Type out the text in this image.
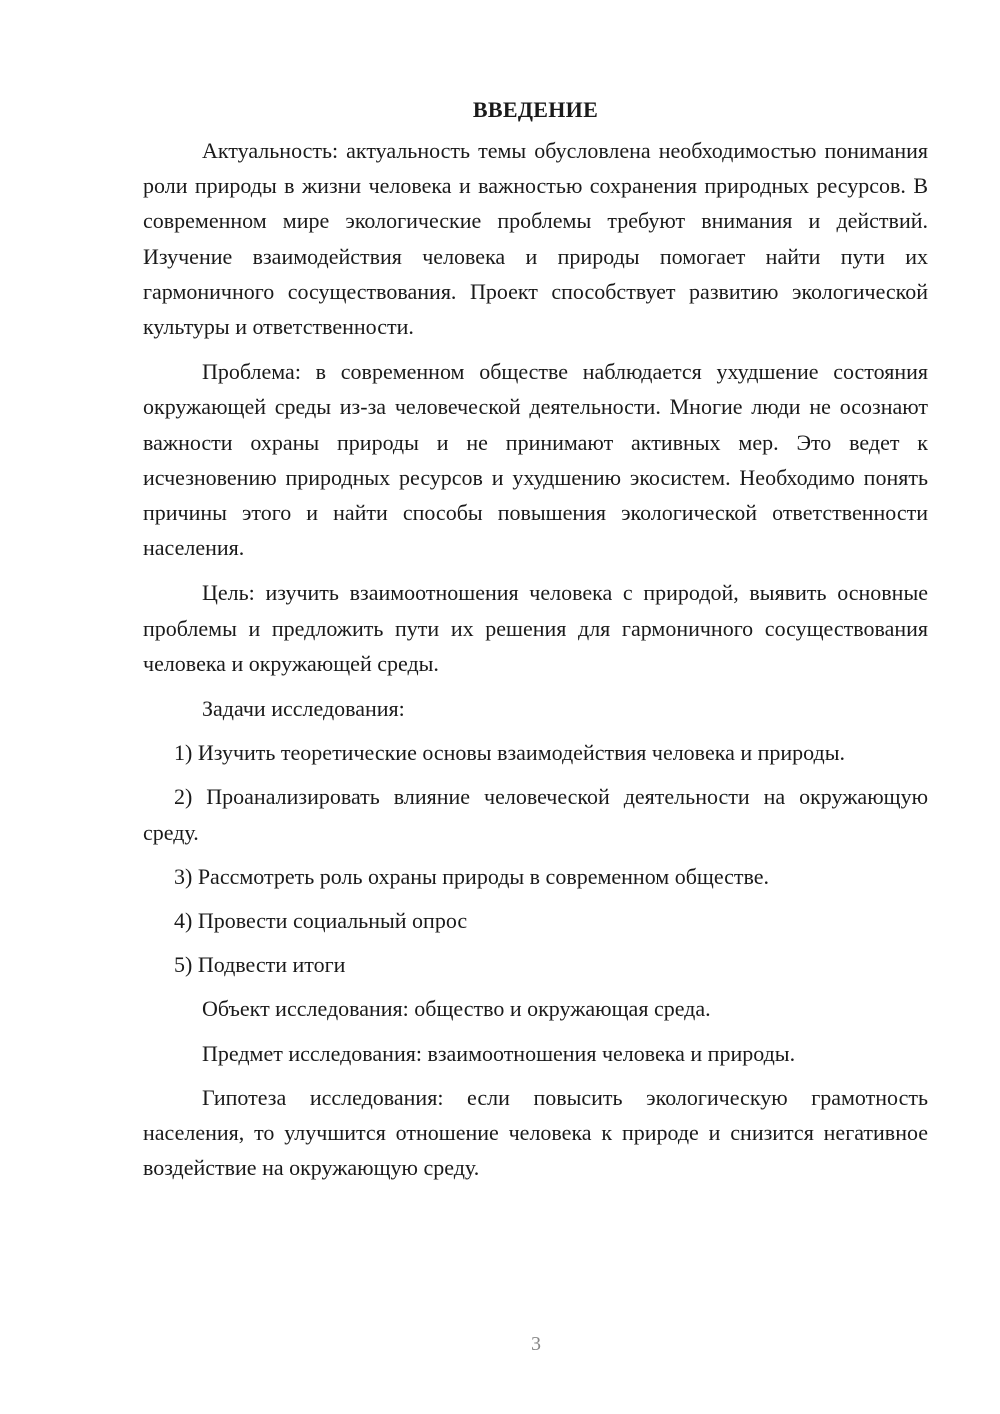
ВВЕДЕНИЕ

Актуальность: актуальность темы обусловлена необходимостью понимания роли природы в жизни человека и важностью сохранения природных ресурсов. В современном мире экологические проблемы требуют внимания и действий. Изучение взаимодействия человека и природы помогает найти пути их гармоничного сосуществования. Проект способствует развитию экологической культуры и ответственности.

Проблема: в современном обществе наблюдается ухудшение состояния окружающей среды из-за человеческой деятельности. Многие люди не осознают важности охраны природы и не принимают активных мер. Это ведет к исчезновению природных ресурсов и ухудшению экосистем. Необходимо понять причины этого и найти способы повышения экологической ответственности населения.

Цель: изучить взаимоотношения человека с природой, выявить основные проблемы и предложить пути их решения для гармоничного сосуществования человека и окружающей среды.

Задачи исследования:

1) Изучить теоретические основы взаимодействия человека и природы.

2) Проанализировать влияние человеческой деятельности на окружающую среду.

3) Рассмотреть роль охраны природы в современном обществе.

4) Провести социальный опрос

5) Подвести итоги

Объект исследования: общество и окружающая среда.

Предмет исследования: взаимоотношения человека и природы.

Гипотеза исследования: если повысить экологическую грамотность населения, то улучшится отношение человека к природе и снизится негативное воздействие на окружающую среду.

3
